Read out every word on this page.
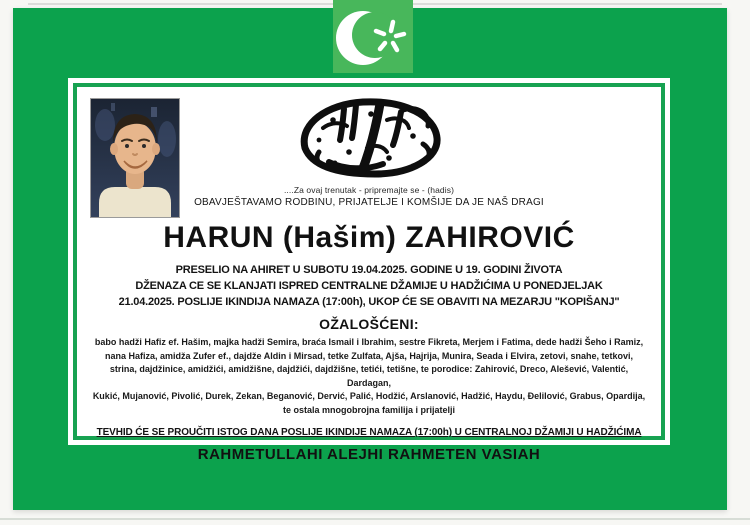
....Za ovaj trenutak - pripremajte se - (hadis)
OBAVJEŠTAVAMO RODBINU, PRIJATELJE I KOMŠIJE DA JE NAŠ DRAGI
HARUN (Hašim) ZAHIROVIĆ
PRESELIO NA AHIRET U SUBOTU 19.04.2025. GODINE U 19. GODINI ŽIVOTA
DŽENAZA CE SE KLANJATI ISPRED CENTRALNE DŽAMIJE U HADŽIĆIMA U PONEDJELJAK
21.04.2025. POSLIJE IKINDIJA NAMAZA (17:00h), UKOP ĆE SE OBAVITI NA MEZARJU "KOPIŠANJ"
OŽALOŠĆENI:
babo hadži Hafiz ef. Hašim, majka hadži Semira, braća Ismail i Ibrahim, sestre Fikreta, Merjem i Fatima, dede hadži Šeho i Ramiz,
nana Hafiza, amidža Zufer ef., dajdže Aldin i Mirsad, tetke Zulfata, Ajša, Hajrija, Munira, Seada i Elvira, zetovi, snahe, tetkovi,
strina, dajdžinice, amidžići, amidžišne, dajdžići, dajdžišne, tetići, tetišne, te porodice: Zahirović, Dreco, Alešević, Valentić, Dardagan,
Kukić, Mujanović, Pivolić, Durek, Zekan, Beganović, Dervić, Palić, Hodžić, Arslanović, Hadžić, Haydu, Đelilović, Grabus, Opardija,
te ostala mnogobrojna familija i prijatelji
TEVHID ĆE SE PROUČITI ISTOG DANA POSLIJE IKINDIJE NAMAZA (17:00h) U CENTRALNOJ DŽAMIJI U HADŽIĆIMA
RAHMETULLAHI ALEJHI RAHMETEN VASIAH
